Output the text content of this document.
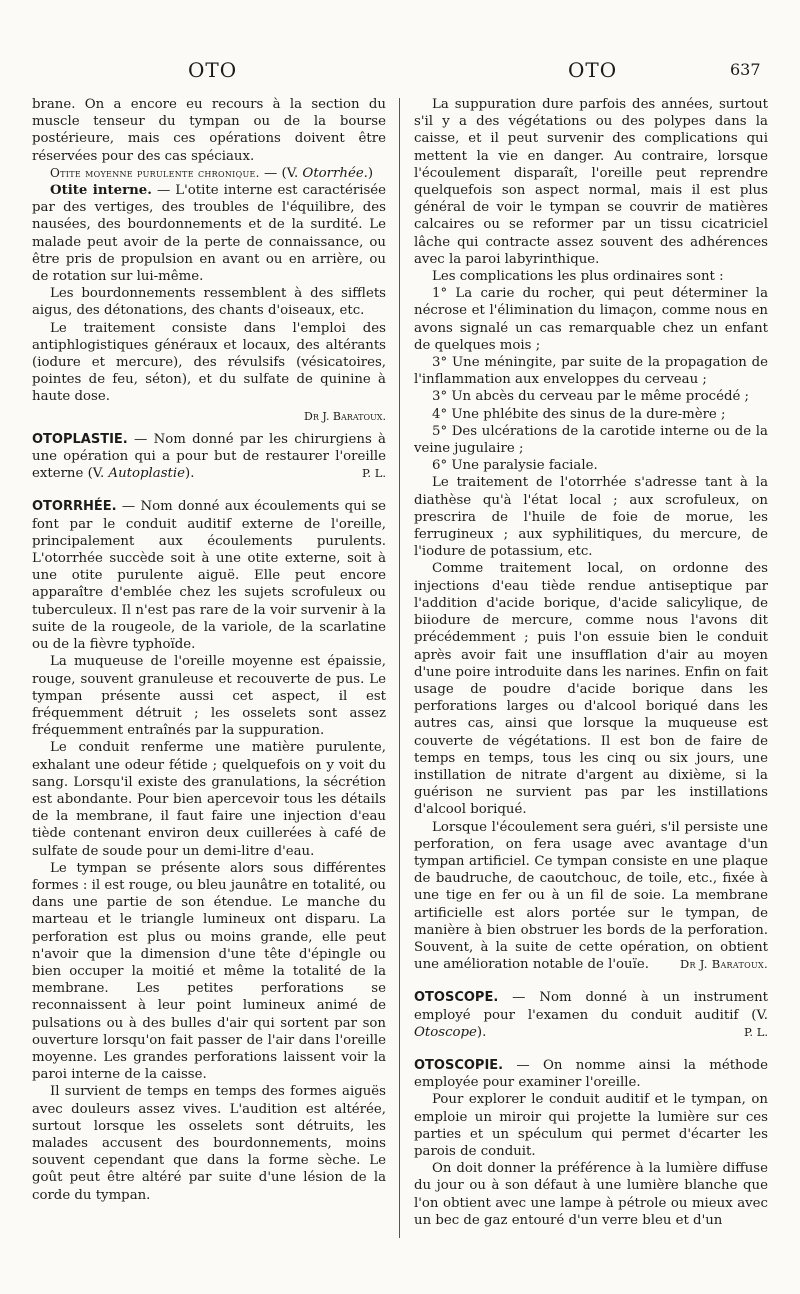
OTO	OTO	637

brane. On a encore eu recours à la section du muscle tenseur du tympan ou de la bourse postérieure, mais ces opérations doivent être réservées pour des cas spéciaux.

Otite moyenne purulente chronique. — (V. Otorrhée.)

Otite interne. — L'otite interne est caractérisée par des vertiges, des troubles de l'équilibre, des nausées, des bourdonnements et de la surdité. Le malade peut avoir de la perte de connaissance, ou être pris de propulsion en avant ou en arrière, ou de rotation sur lui-même.

Les bourdonnements ressemblent à des sifflets aigus, des détonations, des chants d'oiseaux, etc.

Le traitement consiste dans l'emploi des antiphlogistiques généraux et locaux, des altérants (iodure et mercure), des révulsifs (vésicatoires, pointes de feu, séton), et du sulfate de quinine à haute dose.

Dr J. Baratoux.

OTOPLASTIE. — Nom donné par les chirurgiens à une opération qui a pour but de restaurer l'oreille externe (V. Autoplastie).	P. L.

OTORRHÉE. — Nom donné aux écoulements qui se font par le conduit auditif externe de l'oreille, principalement aux écoulements purulents. L'otorrhée succède soit à une otite externe, soit à une otite purulente aiguë. Elle peut encore apparaître d'emblée chez les sujets scrofuleux ou tuberculeux. Il n'est pas rare de la voir survenir à la suite de la rougeole, de la variole, de la scarlatine ou de la fièvre typhoïde.

La muqueuse de l'oreille moyenne est épaissie, rouge, souvent granuleuse et recouverte de pus. Le tympan présente aussi cet aspect, il est fréquemment détruit ; les osselets sont assez fréquemment entraînés par la suppuration.

Le conduit renferme une matière purulente, exhalant une odeur fétide ; quelquefois on y voit du sang. Lorsqu'il existe des granulations, la sécrétion est abondante. Pour bien apercevoir tous les détails de la membrane, il faut faire une injection d'eau tiède contenant environ deux cuillerées à café de sulfate de soude pour un demi-litre d'eau.

Le tympan se présente alors sous différentes formes : il est rouge, ou bleu jaunâtre en totalité, ou dans une partie de son étendue. Le manche du marteau et le triangle lumineux ont disparu. La perforation est plus ou moins grande, elle peut n'avoir que la dimension d'une tête d'épingle ou bien occuper la moitié et même la totalité de la membrane. Les petites perforations se reconnaissent à leur point lumineux animé de pulsations ou à des bulles d'air qui sortent par son ouverture lorsqu'on fait passer de l'air dans l'oreille moyenne. Les grandes perforations laissent voir la paroi interne de la caisse.

Il survient de temps en temps des formes aiguës avec douleurs assez vives. L'audition est altérée, surtout lorsque les osselets sont détruits, les malades accusent des bourdonnements, moins souvent cependant que dans la forme sèche. Le goût peut être altéré par suite d'une lésion de la corde du tympan.

La suppuration dure parfois des années, surtout s'il y a des végétations ou des polypes dans la caisse, et il peut survenir des complications qui mettent la vie en danger. Au contraire, lorsque l'écoulement disparaît, l'oreille peut reprendre quelquefois son aspect normal, mais il est plus général de voir le tympan se couvrir de matières calcaires ou se reformer par un tissu cicatriciel lâche qui contracte assez souvent des adhérences avec la paroi labyrinthique.

Les complications les plus ordinaires sont :

1° La carie du rocher, qui peut déterminer la nécrose et l'élimination du limaçon, comme nous en avons signalé un cas remarquable chez un enfant de quelques mois ;

3° Une méningite, par suite de la propagation de l'inflammation aux enveloppes du cerveau ;

3° Un abcès du cerveau par le même procédé ;

4° Une phlébite des sinus de la dure-mère ;

5° Des ulcérations de la carotide interne ou de la veine jugulaire ;

6° Une paralysie faciale.

Le traitement de l'otorrhée s'adresse tant à la diathèse qu'à l'état local ; aux scrofuleux, on prescrira de l'huile de foie de morue, les ferrugineux ; aux syphilitiques, du mercure, de l'iodure de potassium, etc.

Comme traitement local, on ordonne des injections d'eau tiède rendue antiseptique par l'addition d'acide borique, d'acide salicylique, de biiodure de mercure, comme nous l'avons dit précédemment ; puis l'on essuie bien le conduit après avoir fait une insufflation d'air au moyen d'une poire introduite dans les narines. Enfin on fait usage de poudre d'acide borique dans les perforations larges ou d'alcool boriqué dans les autres cas, ainsi que lorsque la muqueuse est couverte de végétations. Il est bon de faire de temps en temps, tous les cinq ou six jours, une instillation de nitrate d'argent au dixième, si la guérison ne survient pas par les instillations d'alcool boriqué.

Lorsque l'écoulement sera guéri, s'il persiste une perforation, on fera usage avec avantage d'un tympan artificiel. Ce tympan consiste en une plaque de baudruche, de caoutchouc, de toile, etc., fixée à une tige en fer ou à un fil de soie. La membrane artificielle est alors portée sur le tympan, de manière à bien obstruer les bords de la perforation. Souvent, à la suite de cette opération, on obtient une amélioration notable de l'ouïe.	Dr J. Baratoux.

OTOSCOPE. — Nom donné à un instrument employé pour l'examen du conduit auditif (V. Otoscope).	P. L.

OTOSCOPIE. — On nomme ainsi la méthode employée pour examiner l'oreille.

Pour explorer le conduit auditif et le tympan, on emploie un miroir qui projette la lumière sur ces parties et un spéculum qui permet d'écarter les parois de conduit.

On doit donner la préférence à la lumière diffuse du jour ou à son défaut à une lumière blanche que l'on obtient avec une lampe à pétrole ou mieux avec un bec de gaz entouré d'un verre bleu et d'un
